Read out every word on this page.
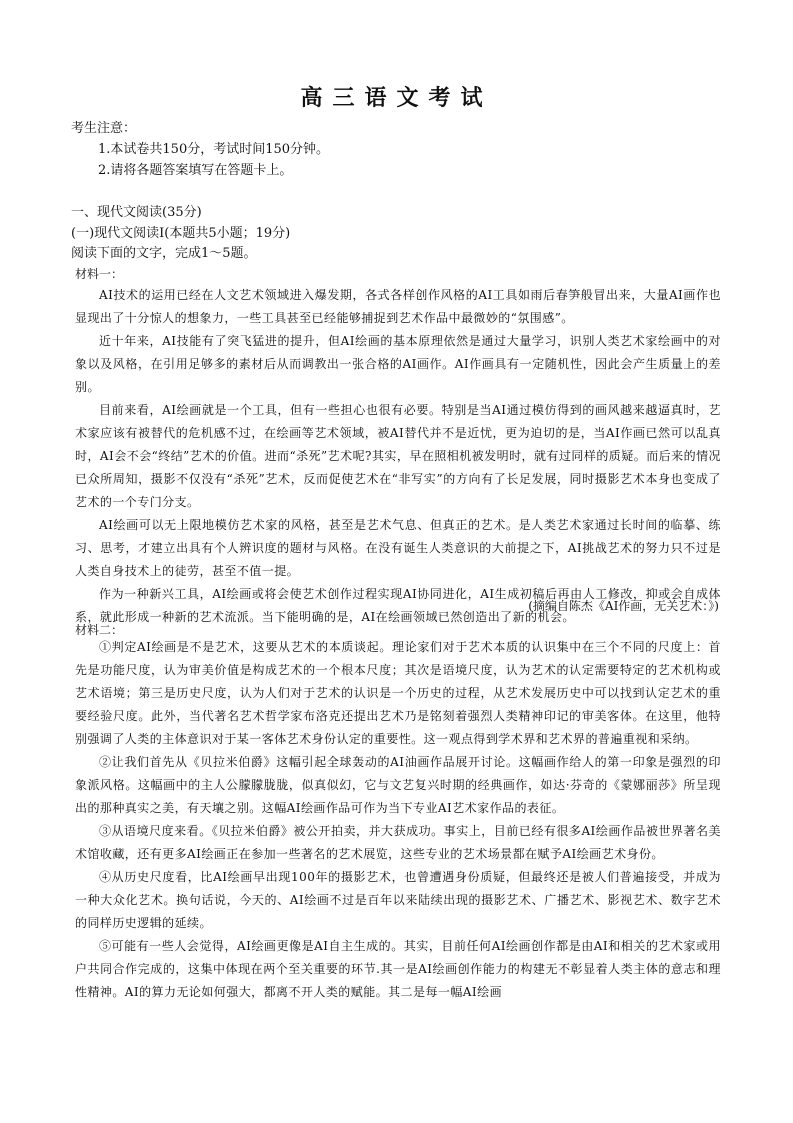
高三语文考试
考生注意：
1.本试卷共150分，考试时间150分钟。
2.请将各题答案填写在答题卡上。
一、现代文阅读(35分)
(一)现代文阅读Ⅰ(本题共5小题；19分)
阅读下面的文字，完成1～5题。
材料一：

AI技术的运用已经在人文艺术领域进入爆发期，各式各样创作风格的AI工具如雨后春笋般冒出来，大量AI画作也显现出了十分惊人的想象力，一些工具甚至已经能够捕捉到艺术作品中最微妙的“氛围感”。

近十年来，AI技能有了突飞猛进的提升，但AI绘画的基本原理依然是通过大量学习，识别人类艺术家绘画中的对象以及风格，在引用足够多的素材后从而调教出一张合格的AI画作。AI作画具有一定随机性，因此会产生质量上的差别。

目前来看，AI绘画就是一个工具，但有一些担心也很有必要。特别是当AI通过模仿得到的画风越来越逼真时，艺术家应该有被替代的危机感不过，在绘画等艺术领域，被AI替代并不是近忧，更为迫切的是，当AI作画已然可以乱真时，AI会不会“终结”艺术的价值。进而“杀死”艺术呢?其实，早在照相机被发明时，就有过同样的质疑。而后来的情况已众所周知，摄影不仅没有“杀死”艺术，反而促使艺术在“非写实”的方向有了长足发展，同时摄影艺术本身也变成了艺术的一个专门分支。

AI绘画可以无上限地模仿艺术家的风格，甚至是艺术气息、但真正的艺术。是人类艺术家通过长时间的临摹、练习、思考，才建立出具有个人辨识度的题材与风格。在没有诞生人类意识的大前提之下，AI挑战艺术的努力只不过是人类自身技术上的徒劳，甚至不值一提。

作为一种新兴工具，AI绘画或将会使艺术创作过程实现AI协同进化，AI生成初稿后再由人工修改，抑或会自成体系，就此形成一种新的艺术流派。当下能明确的是，AI在绘画领域已然创造出了新的机会。

(摘编自陈杰《AI作画，无关艺术：》)
材料二：

①判定AI绘画是不是艺术，这要从艺术的本质谈起。理论家们对于艺术本质的认识集中在三个不同的尺度上：首先是功能尺度，认为审美价值是构成艺术的一个根本尺度；其次是语境尺度，认为艺术的认定需要特定的艺术机构或艺术语境；第三是历史尺度，认为人们对于艺术的认识是一个历史的过程，从艺术发展历史中可以找到认定艺术的重要经验尺度。此外，当代著名艺术哲学家布洛克还提出艺术乃是铭刻着强烈人类精神印记的审美客体。在这里，他特别强调了人类的主体意识对于某一客体艺术身份认定的重要性。这一观点得到学术界和艺术界的普遍重视和采纳。

②让我们首先从《贝拉米伯爵》这幅引起全球轰动的AI油画作品展开讨论。这幅画作给人的第一印象是强烈的印象派风格。这幅画中的主人公朦朦胧胧，似真似幻，它与文艺复兴时期的经典画作，如达·芬奇的《蒙娜丽莎》所呈现出的那种真实之美，有天壤之别。这幅AI绘画作品可作为当下专业AI艺术家作品的表征。

③从语境尺度来看。《贝拉米伯爵》被公开拍卖，并大获成功。事实上，目前已经有很多AI绘画作品被世界著名美术馆收藏，还有更多AI绘画正在参加一些著名的艺术展览，这些专业的艺术场景都在赋予AI绘画艺术身份。

④从历史尺度看，比AI绘画早出现100年的摄影艺术，也曾遭遇身份质疑，但最终还是被人们普遍接受，并成为一种大众化艺术。换句话说，今天的、AI绘画不过是百年以来陆续出现的摄影艺术、广播艺术、影视艺术、数字艺术的同样历史逻辑的延续。

⑤可能有一些人会觉得，AI绘画更像是AI自主生成的。其实，目前任何AI绘画创作都是由AI和相关的艺术家或用户共同合作完成的，这集中体现在两个至关重要的环节.其一是AI绘画创作能力的构建无不彰显着人类主体的意志和理性精神。AI的算力无论如何强大，都离不开人类的赋能。其二是每一幅AI绘画
